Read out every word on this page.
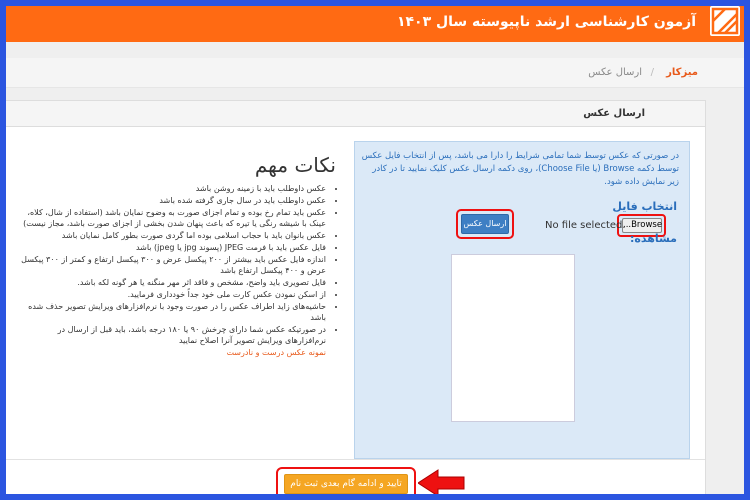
آزمون کارشناسی ارشد ناپیوسته سال ۱۴۰۳
میزکار
/
ارسال عکس
ارسال عکس
در صورتی که عکس توسط شما تمامی شرایط را دارا می باشد، پس از انتخاب فایل عکس توسط دکمه Browse (یا Choose File)، روی دکمه ارسال عکس کلیک نمایید تا در کادر زیر نمایش داده شود.
انتخاب فایل
...Browse
No file selected.
ارسال عکس
مشاهده:
نکات مهم
• عکس داوطلب باید با زمینه روشن باشد
• عکس داوطلب باید در سال جاری گرفته شده باشد
• عکس باید تمام رخ بوده و تمام اجزای صورت به وضوح نمایان باشد (استفاده از شال، کلاه، عینک با شیشه رنگی یا تیره که باعث پنهان شدن بخشی از اجزای صورت باشد، مجاز نیست)
• عکس بانوان باید با حجاب اسلامی بوده اما گردی صورت بطور کامل نمایان باشد
• فایل عکس باید با فرمت JPEG (پسوند jpg یا jpeg) باشد
• اندازه فایل عکس باید بیشتر از ۲۰۰ پیکسل عرض و ۳۰۰ پیکسل ارتفاع و کمتر از ۳۰۰ پیکسل عرض و ۴۰۰ پیکسل ارتفاع باشد
• فایل تصویری باید واضح، مشخص و فاقد اثر مهر منگنه یا هر گونه لکه باشد.
• از اسکن نمودن عکس کارت ملی خود جداً خودداری فرمایید.
• حاشیه‌های زاید اطراف عکس را در صورت وجود با نرم‌افزارهای ویرایش تصویر حذف شده باشد
• در صورتیکه عکس شما دارای چرخش ۹۰ یا ۱۸۰ درجه باشد، باید قبل از ارسال در نرم‌افزارهای ویرایش تصویر آنرا اصلاح نمایید
نمونه عکس درست و نادرست
تایید و ادامه گام بعدی ثبت نام
